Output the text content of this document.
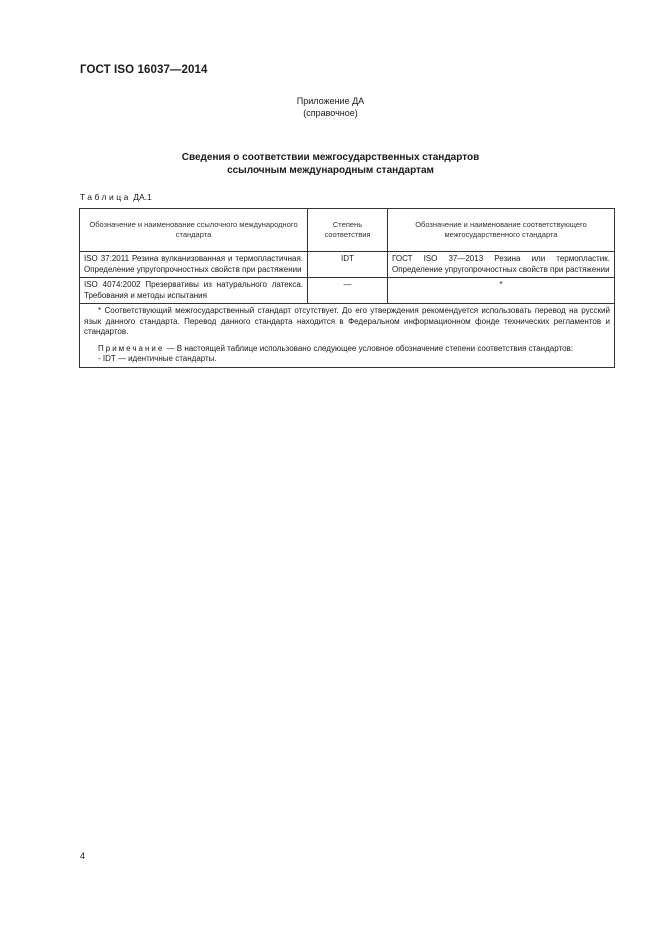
ГОСТ ISO 16037—2014
Приложение ДА
(справочное)
Сведения о соответствии межгосударственных стандартов
ссылочным международным стандартам
Таблица ДА.1
Обозначение и наименование ссылочного международного стандарта	Степень соответствия	Обозначение и наименование соответствующего межгосударственного стандарта
ISO 37:2011 Резина вулканизованная и термопластичная. Определение упругопрочностных свойств при растяжении	IDT	ГОСТ ISO 37—2013 Резина или термопластик. Определение упругопрочностных свойств при растяжении
ISO 4074:2002 Презервативы из натурального латекса. Требования и методы испытания	—	*

* Соответствующий межгосударственный стандарт отсутствует. До его утверждения рекомендуется использовать перевод на русский язык данного стандарта. Перевод данного стандарта находится в Федеральном информационном фонде технических регламентов и стандартов.

Примечание — В настоящей таблице использовано следующее условное обозначение степени соответствия стандартов:

- IDT — идентичные стандарты.		

4
